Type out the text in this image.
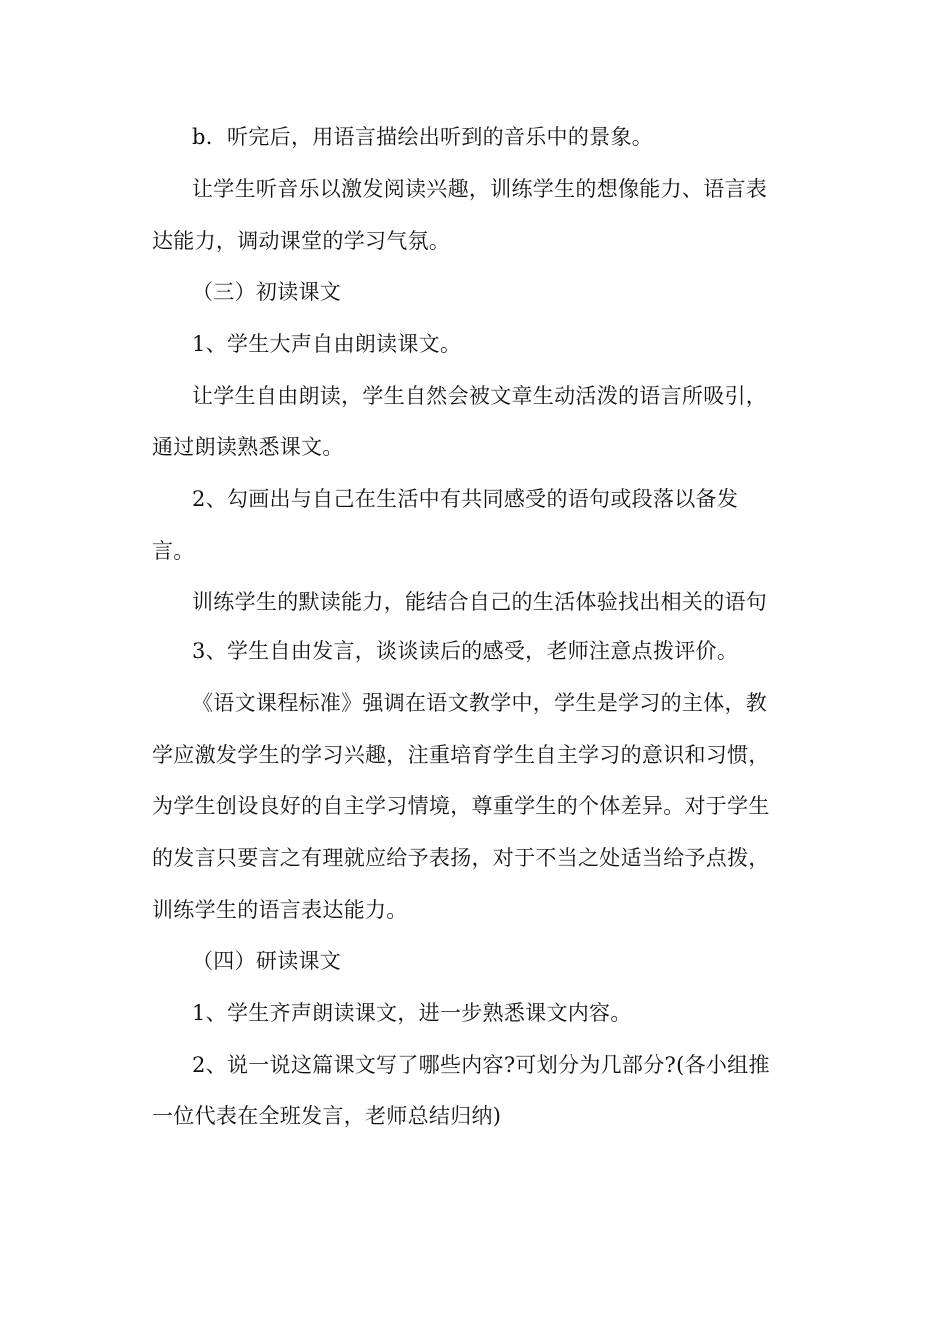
b．听完后，用语言描绘出听到的音乐中的景象。
让学生听音乐以激发阅读兴趣，训练学生的想像能力、语言表
达能力，调动课堂的学习气氛。
（三）初读课文
1、学生大声自由朗读课文。
让学生自由朗读，学生自然会被文章生动活泼的语言所吸引，
通过朗读熟悉课文。
2、勾画出与自己在生活中有共同感受的语句或段落以备发
言。
训练学生的默读能力，能结合自己的生活体验找出相关的语句
3、学生自由发言，谈谈读后的感受，老师注意点拨评价。
《语文课程标准》强调在语文教学中，学生是学习的主体，教
学应激发学生的学习兴趣，注重培育学生自主学习的意识和习惯，
为学生创设良好的自主学习情境，尊重学生的个体差异。对于学生
的发言只要言之有理就应给予表扬，对于不当之处适当给予点拨，
训练学生的语言表达能力。
（四）研读课文
1、学生齐声朗读课文，进一步熟悉课文内容。
2、说一说这篇课文写了哪些内容?可划分为几部分?(各小组推
一位代表在全班发言，老师总结归纳)
